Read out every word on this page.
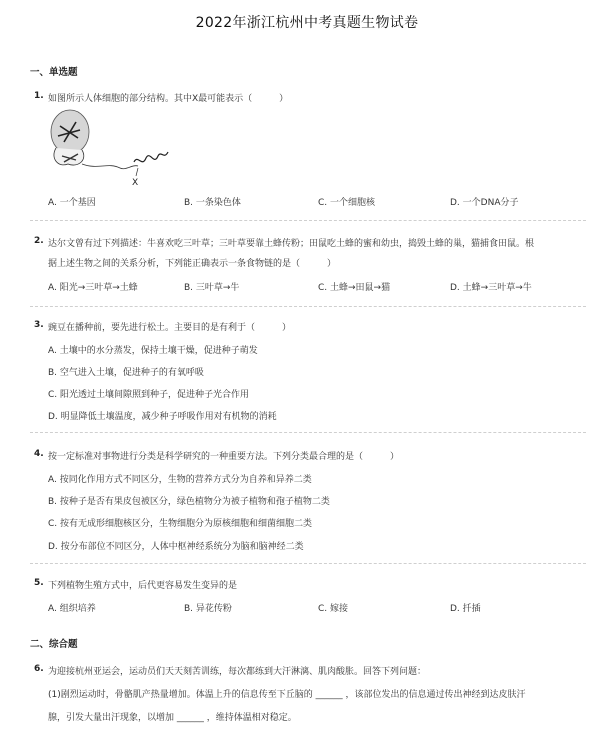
2022年浙江杭州中考真题生物试卷
一、单选题
1. 如图所示人体细胞的部分结构。其中X最可能表示（　　　）
X
A. 一个基因	B. 一条染色体	C. 一个细胞核	D. 一个DNA分子
2. 达尔文曾有过下列描述：牛喜欢吃三叶草；三叶草要靠土蜂传粉；田鼠吃土蜂的蜜和幼虫，捣毁土蜂的巢，猫捕食田鼠。根
据上述生物之间的关系分析，下列能正确表示一条食物链的是（　　　）
A. 阳光→三叶草→土蜂	B. 三叶草→牛	C. 土蜂→田鼠→猫	D. 土蜂→三叶草→牛
3. 豌豆在播种前，要先进行松土。主要目的是有利于（　　　）
A. 土壤中的水分蒸发，保持土壤干燥，促进种子萌发
B. 空气进入土壤，促进种子的有氧呼吸
C. 阳光透过土壤间隙照到种子，促进种子光合作用
D. 明显降低土壤温度，减少种子呼吸作用对有机物的消耗
4. 按一定标准对事物进行分类是科学研究的一种重要方法。下列分类最合理的是（　　　）
A. 按同化作用方式不同区分，生物的营养方式分为自养和异养二类
B. 按种子是否有果皮包被区分，绿色植物分为被子植物和孢子植物二类
C. 按有无成形细胞核区分，生物细胞分为原核细胞和细菌细胞二类
D. 按分布部位不同区分，人体中枢神经系统分为脑和脑神经二类
5. 下列植物生殖方式中，后代更容易发生变异的是
A. 组织培养	B. 异花传粉	C. 嫁接	D. 扦插
二、综合题
6. 为迎接杭州亚运会，运动员们天天刻苦训练，每次都练到大汗淋漓、肌肉酸胀。回答下列问题：
(1)剧烈运动时，骨骼肌产热量增加。体温上升的信息传至下丘脑的 ______ ，该部位发出的信息通过传出神经到达皮肤汗
腺，引发大量出汗现象，以增加 ______ ，维持体温相对稳定。
